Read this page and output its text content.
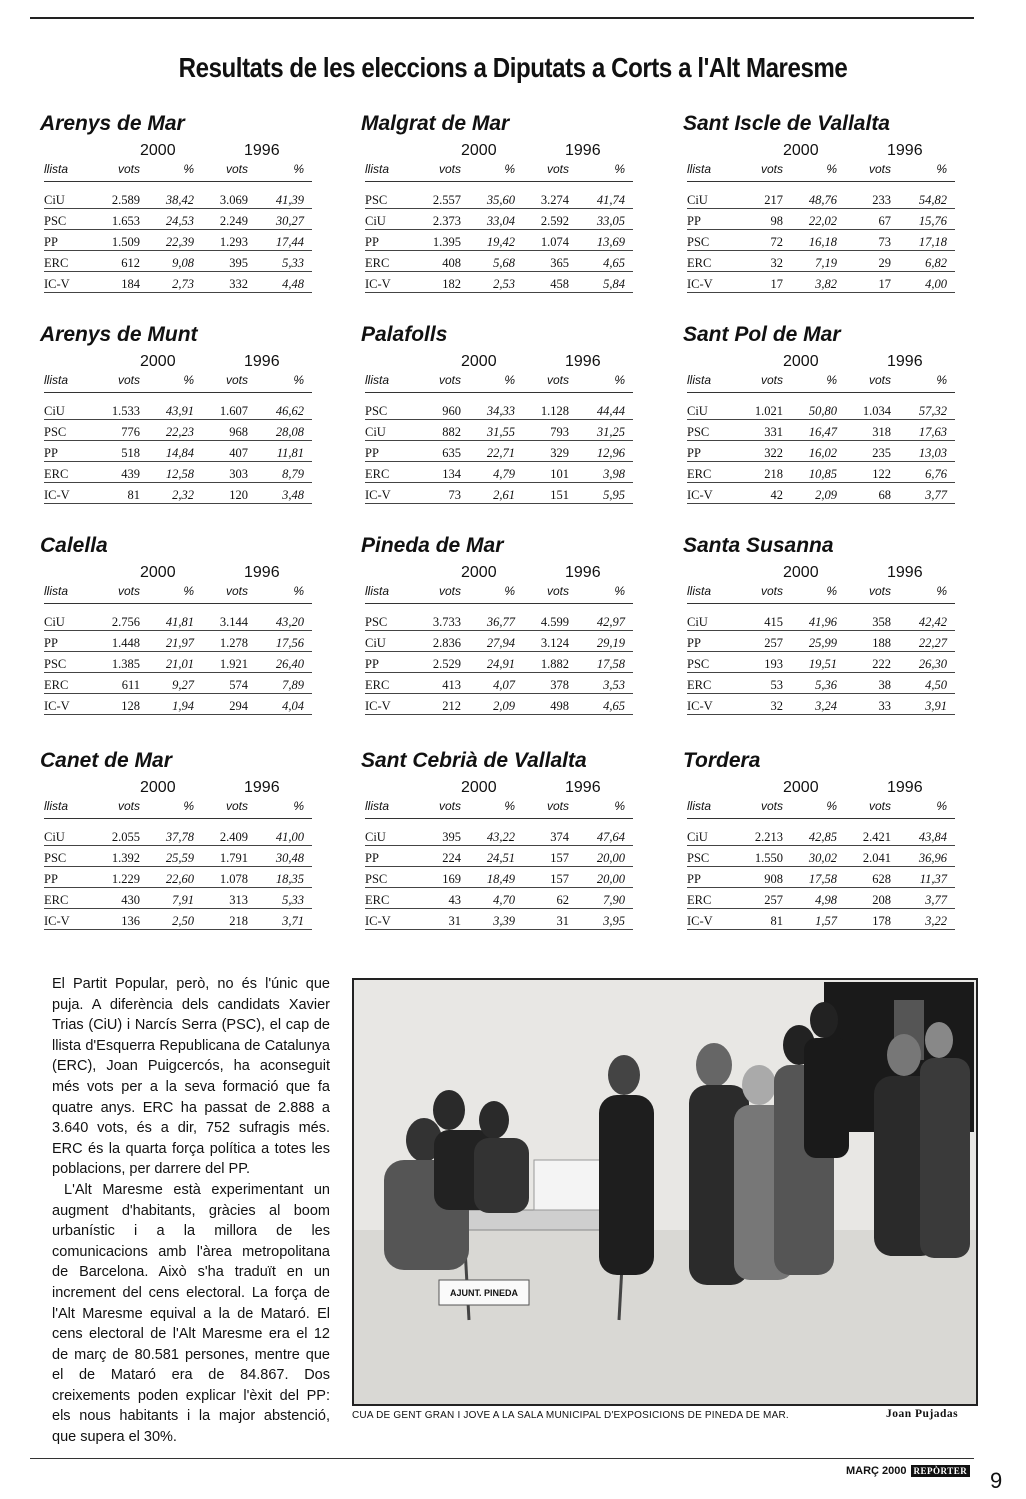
Resultats de les eleccions a Diputats a Corts a l'Alt Maresme
Arenys de Mar
2000	1996
llista	vots	%	vots	%
CiU	2.589	38,42	3.069	41,39
PSC	1.653	24,53	2.249	30,27
PP	1.509	22,39	1.293	17,44
ERC	612	9,08	395	5,33
IC-V	184	2,73	332	4,48
Malgrat de Mar
2000	1996
llista	vots	%	vots	%
PSC	2.557	35,60	3.274	41,74
CiU	2.373	33,04	2.592	33,05
PP	1.395	19,42	1.074	13,69
ERC	408	5,68	365	4,65
IC-V	182	2,53	458	5,84
Sant Iscle de Vallalta
2000	1996
llista	vots	%	vots	%
CiU	217	48,76	233	54,82
PP	98	22,02	67	15,76
PSC	72	16,18	73	17,18
ERC	32	7,19	29	6,82
IC-V	17	3,82	17	4,00
Arenys de Munt
2000	1996
llista	vots	%	vots	%
CiU	1.533	43,91	1.607	46,62
PSC	776	22,23	968	28,08
PP	518	14,84	407	11,81
ERC	439	12,58	303	8,79
IC-V	81	2,32	120	3,48
Palafolls
2000	1996
llista	vots	%	vots	%
PSC	960	34,33	1.128	44,44
CiU	882	31,55	793	31,25
PP	635	22,71	329	12,96
ERC	134	4,79	101	3,98
IC-V	73	2,61	151	5,95
Sant Pol de Mar
2000	1996
llista	vots	%	vots	%
CiU	1.021	50,80	1.034	57,32
PSC	331	16,47	318	17,63
PP	322	16,02	235	13,03
ERC	218	10,85	122	6,76
IC-V	42	2,09	68	3,77
Calella
2000	1996
llista	vots	%	vots	%
CiU	2.756	41,81	3.144	43,20
PP	1.448	21,97	1.278	17,56
PSC	1.385	21,01	1.921	26,40
ERC	611	9,27	574	7,89
IC-V	128	1,94	294	4,04
Pineda de Mar
2000	1996
llista	vots	%	vots	%
PSC	3.733	36,77	4.599	42,97
CiU	2.836	27,94	3.124	29,19
PP	2.529	24,91	1.882	17,58
ERC	413	4,07	378	3,53
IC-V	212	2,09	498	4,65
Santa Susanna
2000	1996
llista	vots	%	vots	%
CiU	415	41,96	358	42,42
PP	257	25,99	188	22,27
PSC	193	19,51	222	26,30
ERC	53	5,36	38	4,50
IC-V	32	3,24	33	3,91
Canet de Mar
2000	1996
llista	vots	%	vots	%
CiU	2.055	37,78	2.409	41,00
PSC	1.392	25,59	1.791	30,48
PP	1.229	22,60	1.078	18,35
ERC	430	7,91	313	5,33
IC-V	136	2,50	218	3,71
Sant Cebrià de Vallalta
2000	1996
llista	vots	%	vots	%
CiU	395	43,22	374	47,64
PP	224	24,51	157	20,00
PSC	169	18,49	157	20,00
ERC	43	4,70	62	7,90
IC-V	31	3,39	31	3,95
Tordera
2000	1996
llista	vots	%	vots	%
CiU	2.213	42,85	2.421	43,84
PSC	1.550	30,02	2.041	36,96
PP	908	17,58	628	11,37
ERC	257	4,98	208	3,77
IC-V	81	1,57	178	3,22

El Partit Popular, però, no és l'únic que puja. A diferència dels candidats Xavier Trias (CiU) i Narcís Serra (PSC), el cap de llista d'Esquerra Republicana de Catalunya (ERC), Joan Puigcercós, ha aconseguit més vots per a la seva formació que fa quatre anys. ERC ha passat de 2.888 a 3.640 vots, és a dir, 752 sufragis més. ERC és la quarta força política a totes les poblacions, per darrere del PP.

L'Alt Maresme està experimentant un augment d'habitants, gràcies al boom urbanístic i a la millora de les comunicacions amb l'àrea metropolitana de Barcelona. Això s'ha traduït en un increment del cens electoral. La força de l'Alt Maresme equival a la de Mataró. El cens electoral de l'Alt Maresme era el 12 de març de 80.581 persones, mentre que el de Mataró era de 84.867. Dos creixements poden explicar l'èxit del PP: els nous habitants i la major abstenció, que supera el 30%.

AJUNT. PINEDA
CUA DE GENT GRAN I JOVE A LA SALA MUNICIPAL D'EXPOSICIONS DE PINEDA DE MAR.	Joan Pujadas
MARÇ 2000 REPÒRTER 9
